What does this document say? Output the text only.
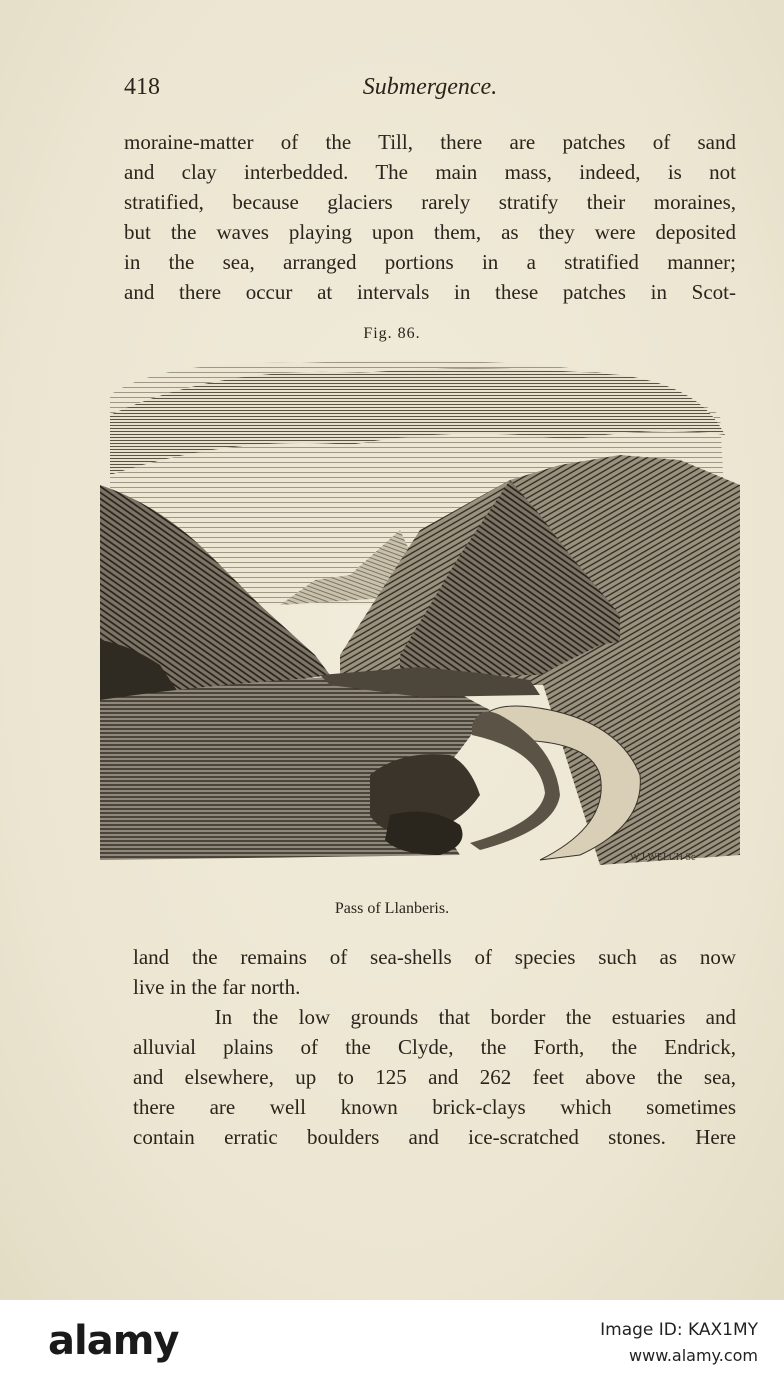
418	Submergence.
moraine-matter of the Till, there are patches of sand
and clay interbedded. The main mass, indeed, is not
stratified, because glaciers rarely stratify their moraines,
but the waves playing upon them, as they were deposited
in the sea, arranged portions in a stratified manner;
and there occur at intervals in these patches in Scot-
Fig. 86.
W.J.WELCH Sc
Pass of Llanberis.
land the remains of sea-shells of species such as now
live in the far north.
In the low grounds that border the estuaries and
alluvial plains of the Clyde, the Forth, the Endrick,
and elsewhere, up to 125 and 262 feet above the sea,
there are well known brick-clays which sometimes
contain erratic boulders and ice-scratched stones. Here
alamy	Image ID: KAX1MY
www.alamy.com
